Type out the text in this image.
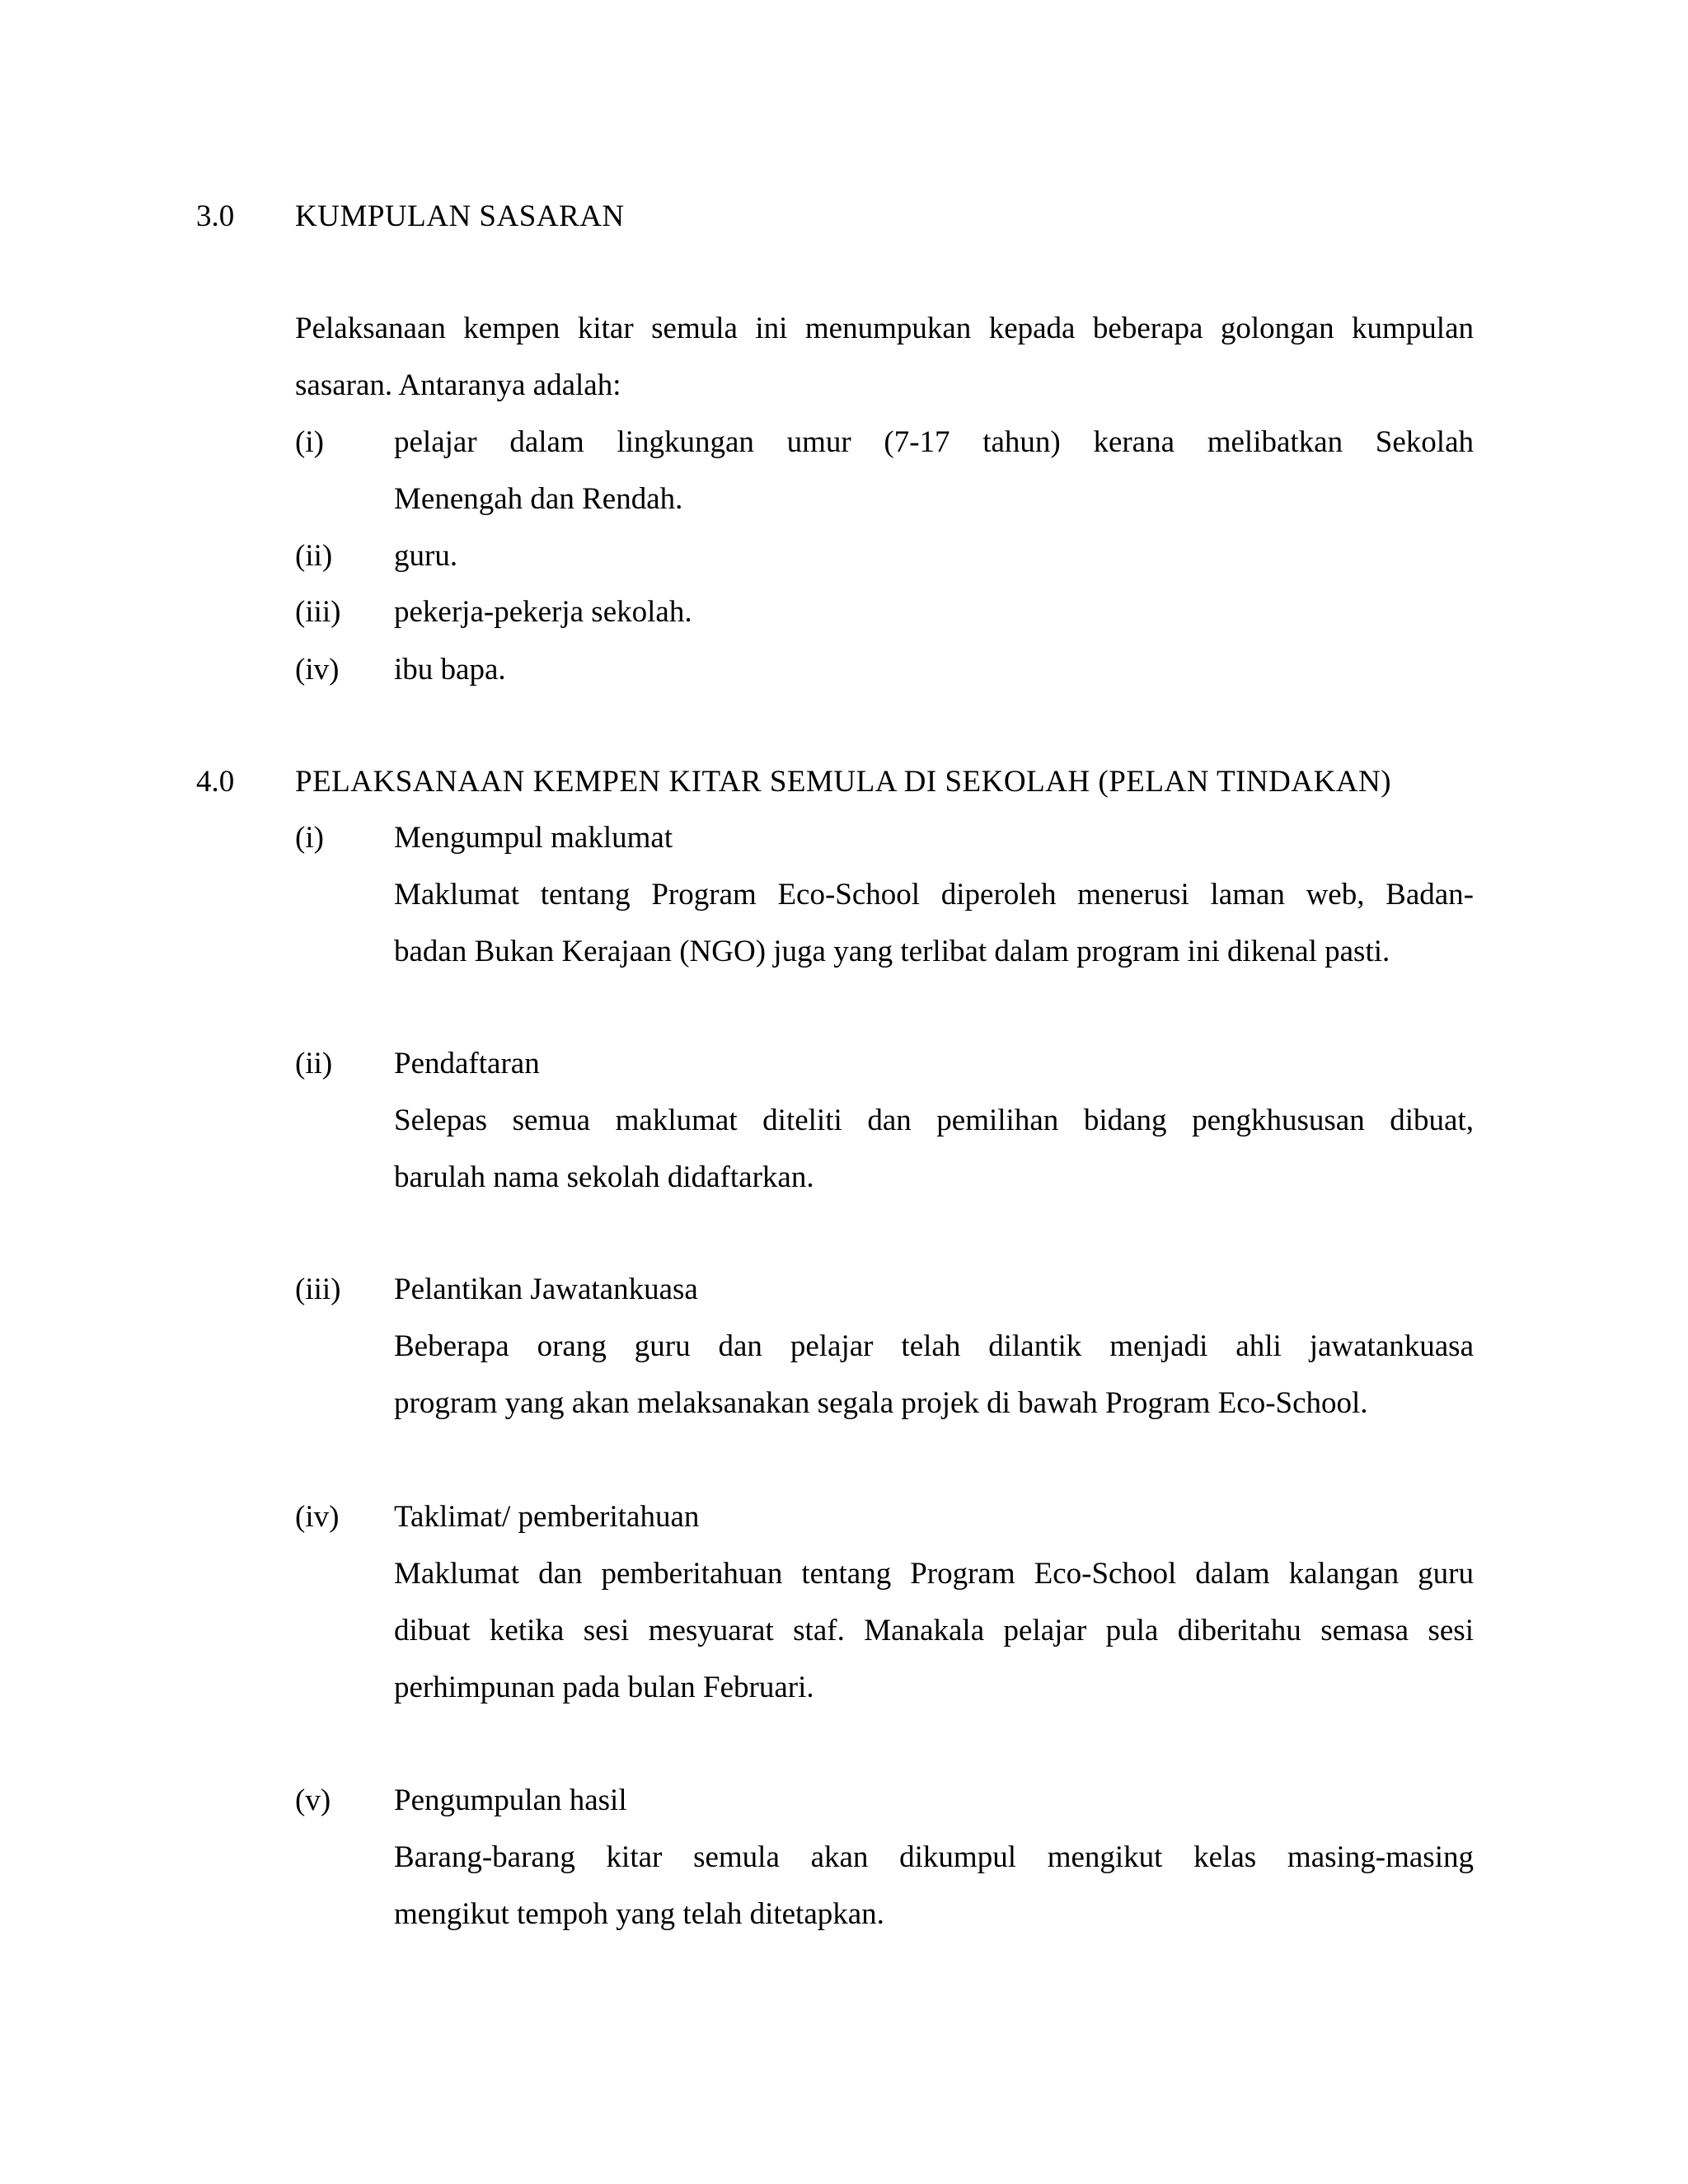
3.0 KUMPULAN SASARAN
Pelaksanaan kempen kitar semula ini menumpukan kepada beberapa golongan kumpulan
sasaran. Antaranya adalah:
(i)	pelajar dalam lingkungan umur (7-17 tahun) kerana melibatkan Sekolah
Menengah dan Rendah.
(ii)	guru.
(iii)	pekerja-pekerja sekolah.
(iv)	ibu bapa.
4.0 PELAKSANAAN KEMPEN KITAR SEMULA DI SEKOLAH (PELAN TINDAKAN)
(i)	Mengumpul maklumat
Maklumat tentang Program Eco-School diperoleh menerusi laman web, Badan-
badan Bukan Kerajaan (NGO) juga yang terlibat dalam program ini dikenal pasti.
(ii)	Pendaftaran
Selepas semua maklumat diteliti dan pemilihan bidang pengkhususan dibuat,
barulah nama sekolah didaftarkan.
(iii)	Pelantikan Jawatankuasa
Beberapa orang guru dan pelajar telah dilantik menjadi ahli jawatankuasa
program yang akan melaksanakan segala projek di bawah Program Eco-School.
(iv)	Taklimat/ pemberitahuan
Maklumat dan pemberitahuan tentang Program Eco-School dalam kalangan guru
dibuat ketika sesi mesyuarat staf. Manakala pelajar pula diberitahu semasa sesi
perhimpunan pada bulan Februari.
(v)	Pengumpulan hasil
Barang-barang kitar semula akan dikumpul mengikut kelas masing-masing
mengikut tempoh yang telah ditetapkan.
